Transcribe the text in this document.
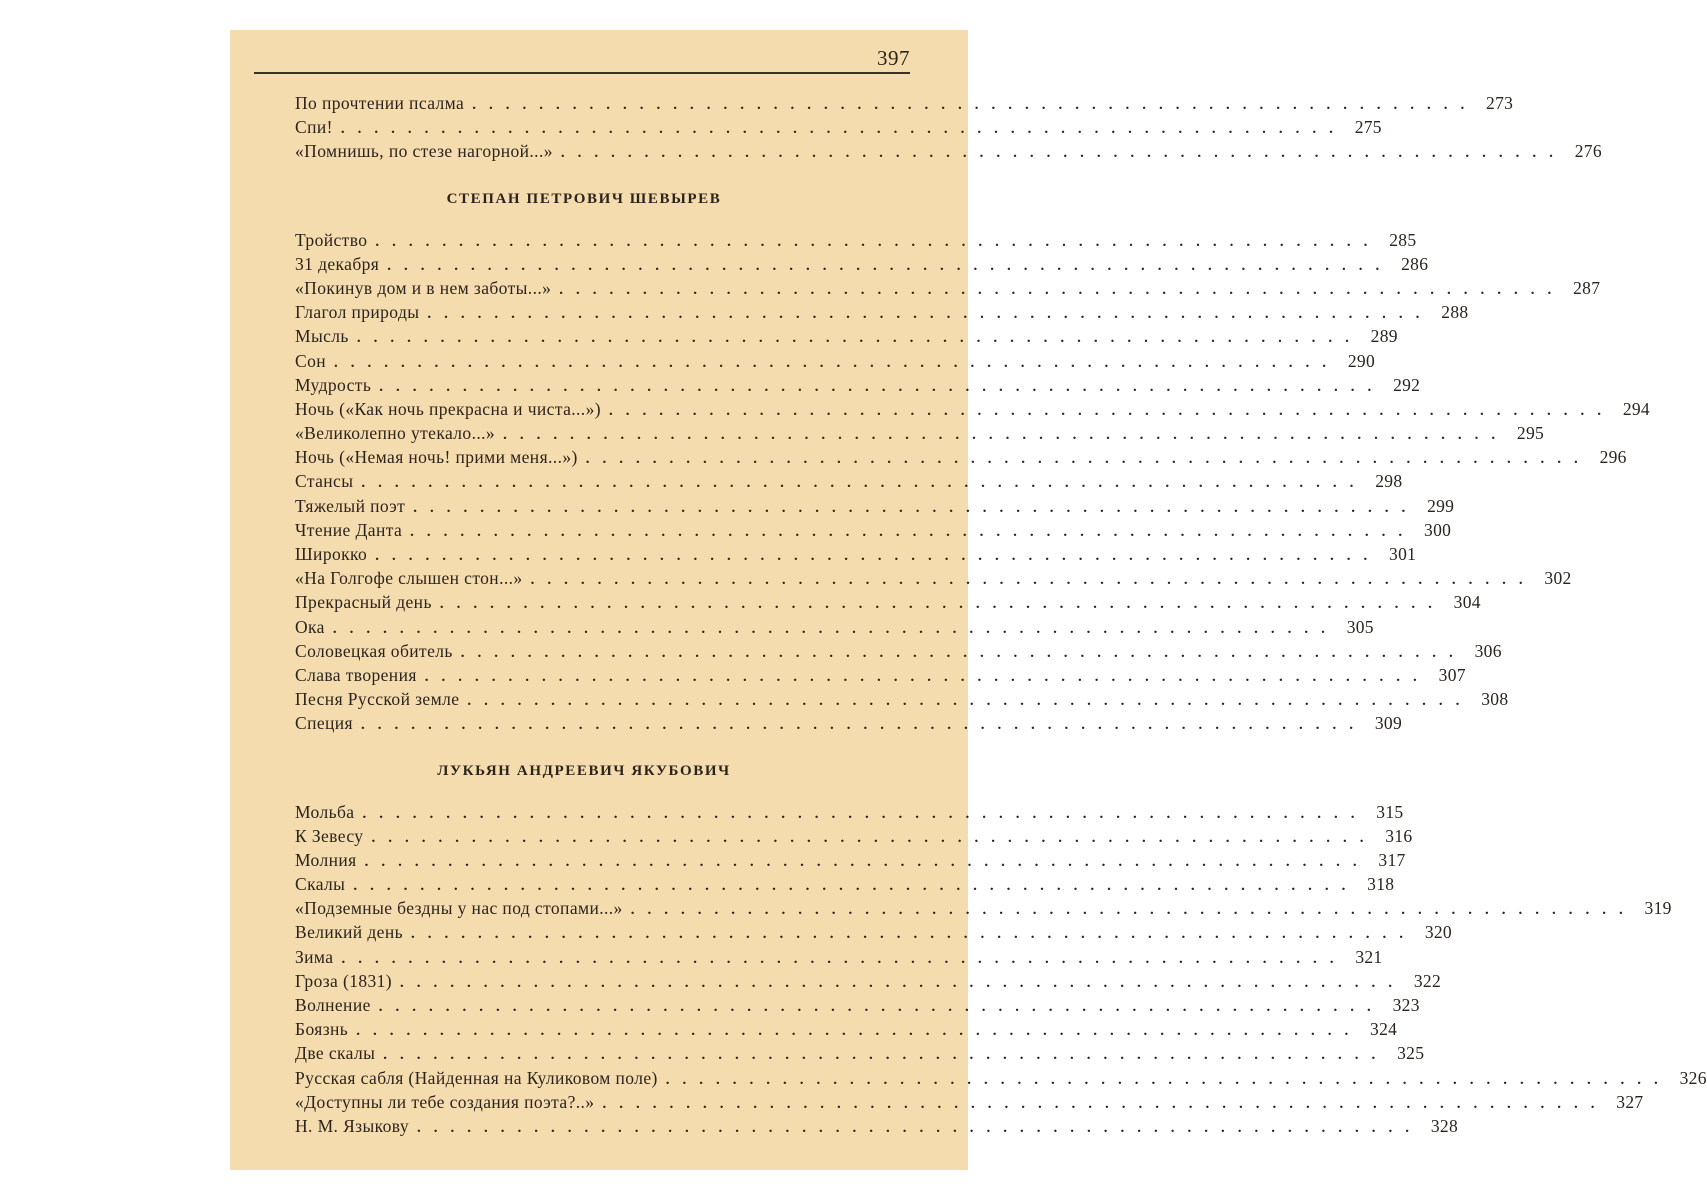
397
По прочтении псалма ............................................................ 273
Спи! ............................................................ 275
«Помнишь, по стезе нагорной...» ............................................................ 276
СТЕПАН ПЕТРОВИЧ ШЕВЫРЕВ
Тройство ............................................................ 285
31 декабря ............................................................ 286
«Покинув дом и в нем заботы...» ............................................................ 287
Глагол природы ............................................................ 288
Мысль ............................................................ 289
Сон ............................................................ 290
Мудрость ............................................................ 292
Ночь («Как ночь прекрасна и чиста...») ............................................................ 294
«Великолепно утекало...» ............................................................ 295
Ночь («Немая ночь! прими меня...») ............................................................ 296
Стансы ............................................................ 298
Тяжелый поэт ............................................................ 299
Чтение Данта ............................................................ 300
Широкко ............................................................ 301
«На Голгофе слышен стон...» ............................................................ 302
Прекрасный день ............................................................ 304
Ока ............................................................ 305
Соловецкая обитель ............................................................ 306
Слава творения ............................................................ 307
Песня Русской земле ............................................................ 308
Специя ............................................................ 309
ЛУКЬЯН АНДРЕЕВИЧ ЯКУБОВИЧ
Мольба ............................................................ 315
К Зевесу ............................................................ 316
Молния ............................................................ 317
Скалы ............................................................ 318
«Подземные бездны у нас под стопами...» ............................................................ 319
Великий день ............................................................ 320
Зима ............................................................ 321
Гроза (1831) ............................................................ 322
Волнение ............................................................ 323
Боязнь ............................................................ 324
Две скалы ............................................................ 325
Русская сабля (Найденная на Куликовом поле) ............................................................ 326
«Доступны ли тебе создания поэта?..» ............................................................ 327
Н. М. Языкову ............................................................ 328
